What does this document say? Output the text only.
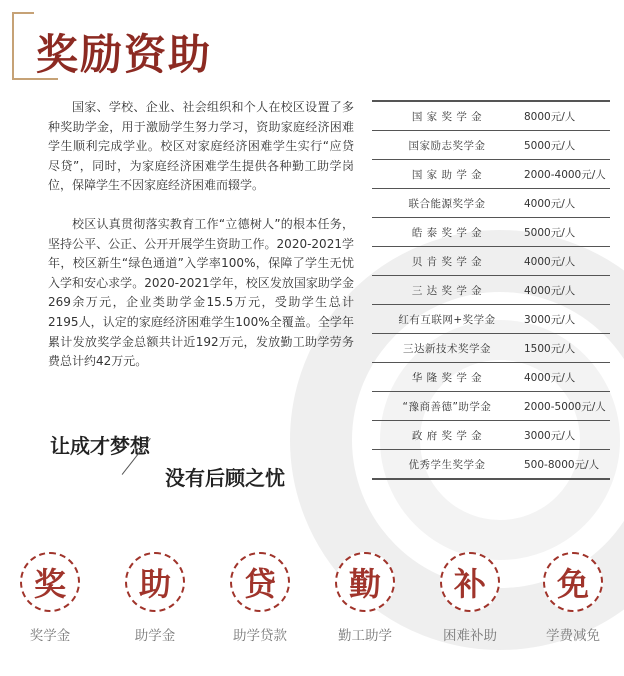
奖励资助
国家、学校、企业、社会组织和个人在校区设置了多种奖助学金，用于激励学生努力学习，资助家庭经济困难学生顺利完成学业。校区对家庭经济困难学生实行“应贷尽贷”，同时，为家庭经济困难学生提供各种勤工助学岗位，保障学生不因家庭经济困难而辍学。
校区认真贯彻落实教育工作“立德树人”的根本任务，坚持公平、公正、公开开展学生资助工作。2020-2021学年，校区新生“绿色通道”入学率100%，保障了学生无忧入学和安心求学。2020-2021学年，校区发放国家助学金269余万元，企业类助学金15.5万元，受助学生总计2195人，认定的家庭经济困难学生100%全覆盖。全学年累计发放奖学金总额共计近192万元，发放勤工助学劳务费总计约42万元。
让成才梦想
没有后顾之忧
国 家 奖 学 金	8000元/人
国家励志奖学金	5000元/人
国 家 助 学 金	2000-4000元/人
联合能源奖学金	4000元/人
皓 泰 奖 学 金	5000元/人
贝 肯 奖 学 金	4000元/人
三 达 奖 学 金	4000元/人
红有互联网+奖学金	3000元/人
三达新技术奖学金	1500元/人
华 隆 奖 学 金	4000元/人
“豫商善德”助学金	2000-5000元/人
政 府 奖 学 金	3000元/人
优秀学生奖学金	500-8000元/人
奖
奖学金
助
助学金
贷
助学贷款
勤
勤工助学
补
困难补助
免
学费减免
